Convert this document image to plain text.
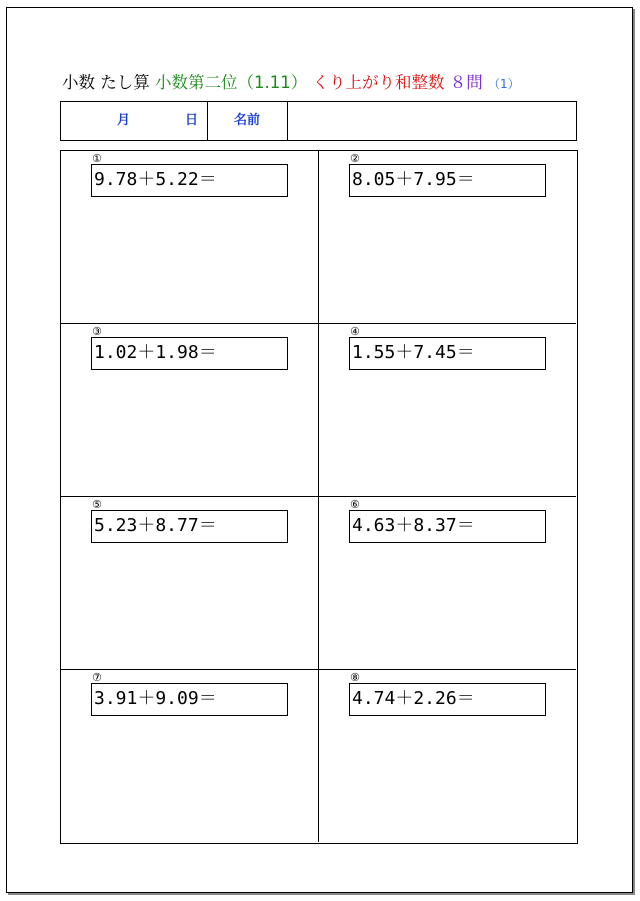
小数 たし算 小数第二位（1.11） くり上がり和整数 ８問 （1）
月	日	名前
①
9.78＋5.22＝
②
8.05＋7.95＝
③
1.02＋1.98＝
④
1.55＋7.45＝
⑤
5.23＋8.77＝
⑥
4.63＋8.37＝
⑦
3.91＋9.09＝
⑧
4.74＋2.26＝
